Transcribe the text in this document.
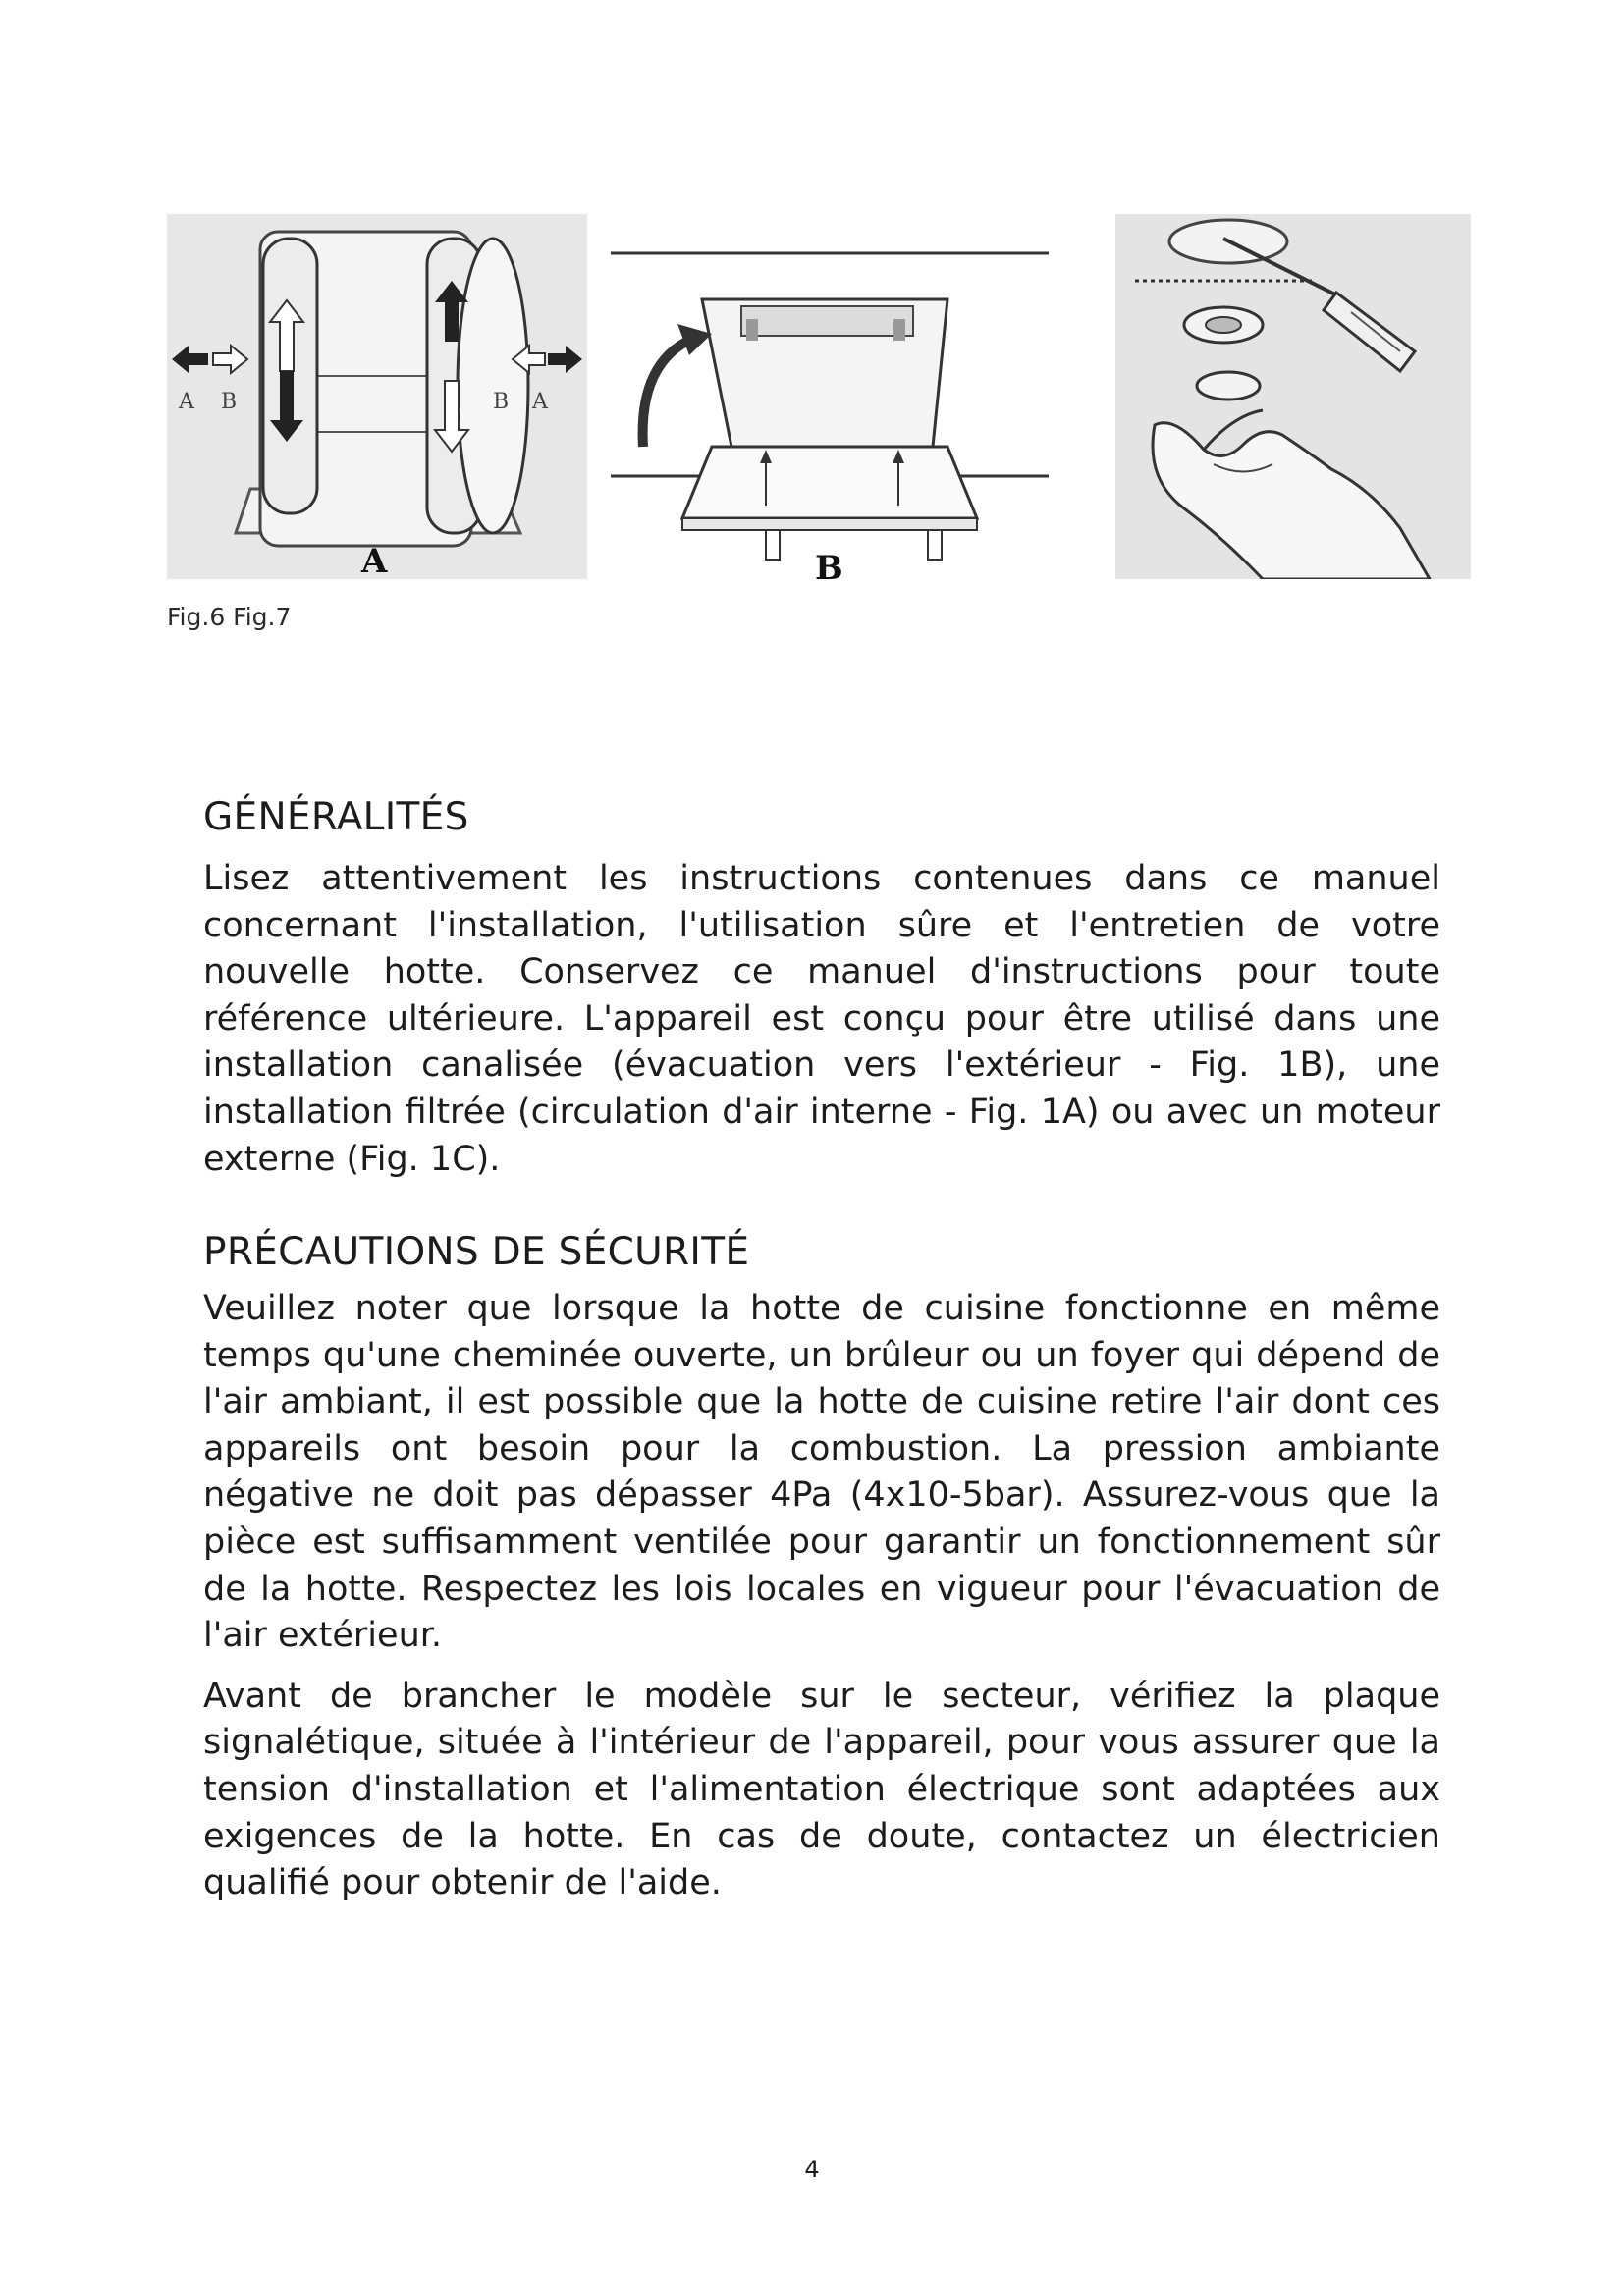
A B	B A
A	B
Fig.6 Fig.7
GÉNÉRALITÉS

Lisez attentivement les instructions contenues dans ce manuel concernant l'installation, l'utilisation sûre et l'entretien de votre nouvelle hotte. Conservez ce manuel d'instructions pour toute référence ultérieure. L'appareil est conçu pour être utilisé dans une installation canalisée (évacuation vers l'extérieur - Fig. 1B), une installation filtrée (circulation d'air interne - Fig. 1A) ou avec un moteur externe (Fig. 1C).

PRÉCAUTIONS DE SÉCURITÉ

Veuillez noter que lorsque la hotte de cuisine fonctionne en même temps qu'une cheminée ouverte, un brûleur ou un foyer qui dépend de l'air ambiant, il est possible que la hotte de cuisine retire l'air dont ces appareils ont besoin pour la combustion. La pression ambiante négative ne doit pas dépasser 4Pa (4x10-5bar). Assurez-vous que la pièce est suffisamment ventilée pour garantir un fonctionnement sûr de la hotte. Respectez les lois locales en vigueur pour l'évacuation de l'air extérieur.

Avant de brancher le modèle sur le secteur, vérifiez la plaque signalétique, située à l'intérieur de l'appareil, pour vous assurer que la tension d'installation et l'alimentation électrique sont adaptées aux exigences de la hotte. En cas de doute, contactez un électricien qualifié pour obtenir de l'aide.

4
